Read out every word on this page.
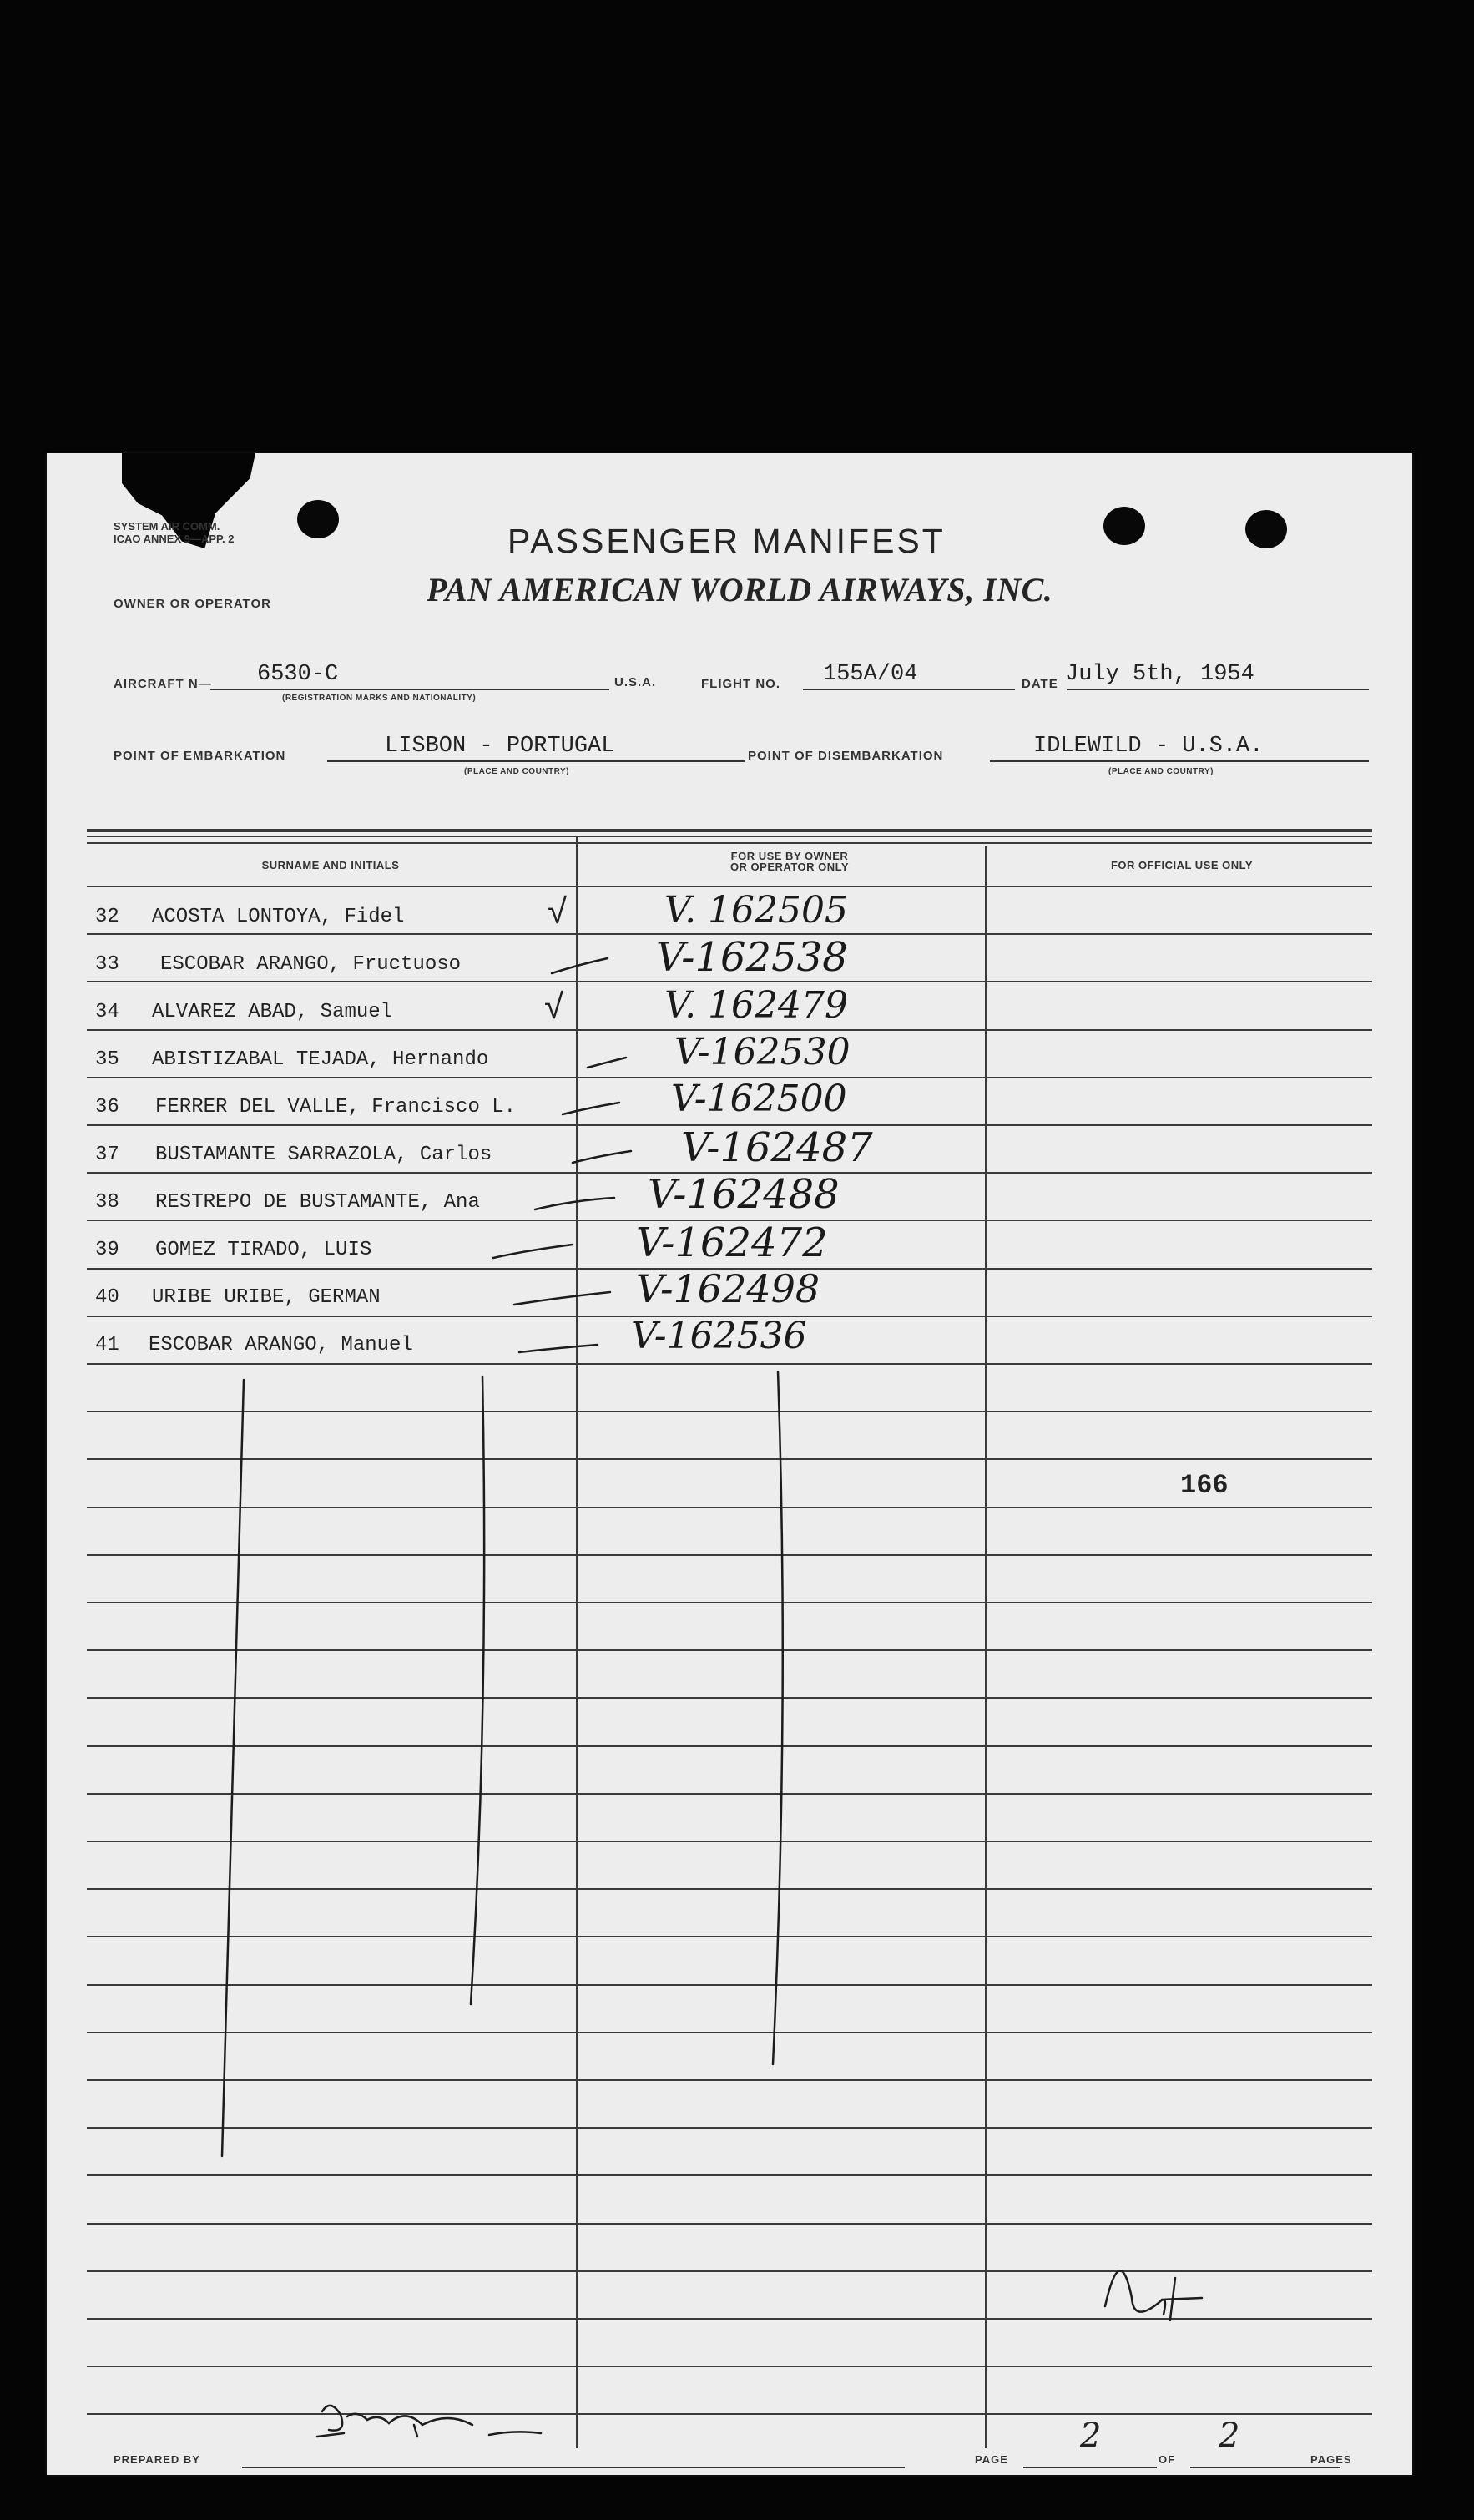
SYSTEM AIR COMM.
ICAO ANNEX 9—APP. 2	PASSENGER MANIFEST
OWNER OR OPERATOR	PAN AMERICAN WORLD AIRWAYS, INC.
AIRCRAFT N— 6530-C
(REGISTRATION MARKS AND NATIONALITY)
U.S.A.	FLIGHT NO. 155A/04	DATE July 5th, 1954
POINT OF EMBARKATION	LISBON - PORTUGAL
(PLACE AND COUNTRY)
POINT OF DISEMBARKATION	IDLEWILD - U.S.A.
(PLACE AND COUNTRY)
SURNAME AND INITIALS
FOR USE BY OWNER
OR OPERATOR ONLY	FOR OFFICIAL USE ONLY
32	ACOSTA LONTOYA, Fidel	V. 162505
33	ESCOBAR ARANGO, Fructuoso	V-162538
34	ALVAREZ ABAD, Samuel	V. 162479
35	ABISTIZABAL TEJADA, Hernando	V-162530
36	FERRER DEL VALLE, Francisco L.	V-162500
37	BUSTAMANTE SARRAZOLA, Carlos	V-162487
38	RESTREPO DE BUSTAMANTE, Ana	V-162488
39	GOMEZ TIRADO, LUIS	V-162472
40	URIBE URIBE, GERMAN	V-162498
41	ESCOBAR ARANGO, Manuel	V-162536
√
√
166
PREPARED BY	PAGE
2
OF
2
PAGES
